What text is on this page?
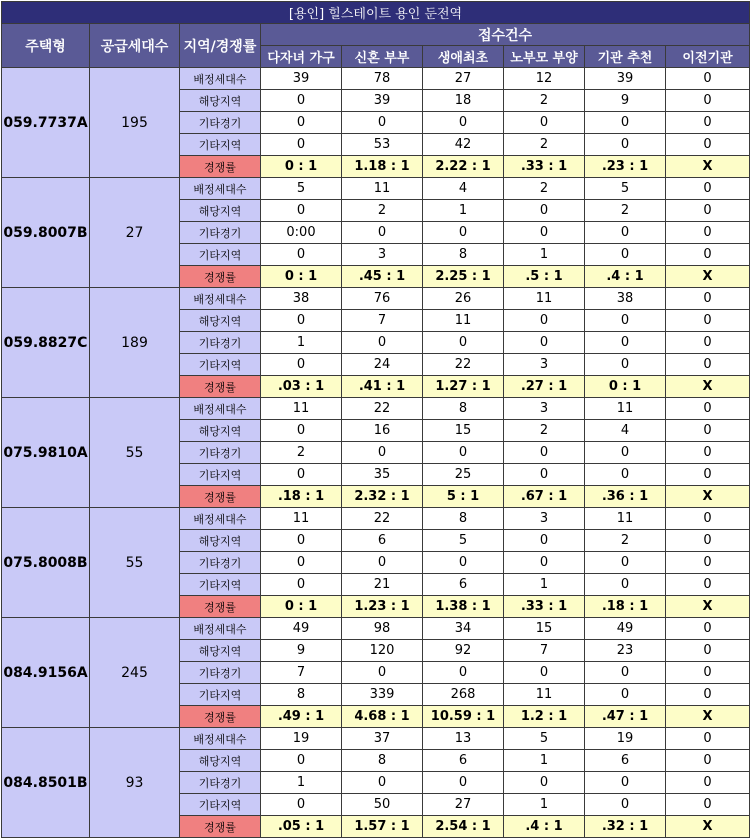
[용인] 힐스테이트 용인 둔전역								
주택형	공급세대수	지역/경쟁률	접수건수					
			다자녀 가구	신혼 부부	생애최초	노부모 부양	기관 추천	이전기관
059.7737A	195	배정세대수	39	78	27	12	39	0
		해당지역	0	39	18	2	9	0
		기타경기	0	0	0	0	0	0
		기타지역	0	53	42	2	0	0
		경쟁률	0 : 1	1.18 : 1	2.22 : 1	.33 : 1	.23 : 1	X
059.8007B	27	배정세대수	5	11	4	2	5	0
		해당지역	0	2	1	0	2	0
		기타경기	0:00	0	0	0	0	0
		기타지역	0	3	8	1	0	0
		경쟁률	0 : 1	.45 : 1	2.25 : 1	.5 : 1	.4 : 1	X
059.8827C	189	배정세대수	38	76	26	11	38	0
		해당지역	0	7	11	0	0	0
		기타경기	1	0	0	0	0	0
		기타지역	0	24	22	3	0	0
		경쟁률	.03 : 1	.41 : 1	1.27 : 1	.27 : 1	0 : 1	X
075.9810A	55	배정세대수	11	22	8	3	11	0
		해당지역	0	16	15	2	4	0
		기타경기	2	0	0	0	0	0
		기타지역	0	35	25	0	0	0
		경쟁률	.18 : 1	2.32 : 1	5 : 1	.67 : 1	.36 : 1	X
075.8008B	55	배정세대수	11	22	8	3	11	0
		해당지역	0	6	5	0	2	0
		기타경기	0	0	0	0	0	0
		기타지역	0	21	6	1	0	0
		경쟁률	0 : 1	1.23 : 1	1.38 : 1	.33 : 1	.18 : 1	X
084.9156A	245	배정세대수	49	98	34	15	49	0
		해당지역	9	120	92	7	23	0
		기타경기	7	0	0	0	0	0
		기타지역	8	339	268	11	0	0
		경쟁률	.49 : 1	4.68 : 1	10.59 : 1	1.2 : 1	.47 : 1	X
084.8501B	93	배정세대수	19	37	13	5	19	0
		해당지역	0	8	6	1	6	0
		기타경기	1	0	0	0	0	0
		기타지역	0	50	27	1	0	0
		경쟁률	.05 : 1	1.57 : 1	2.54 : 1	.4 : 1	.32 : 1	X
